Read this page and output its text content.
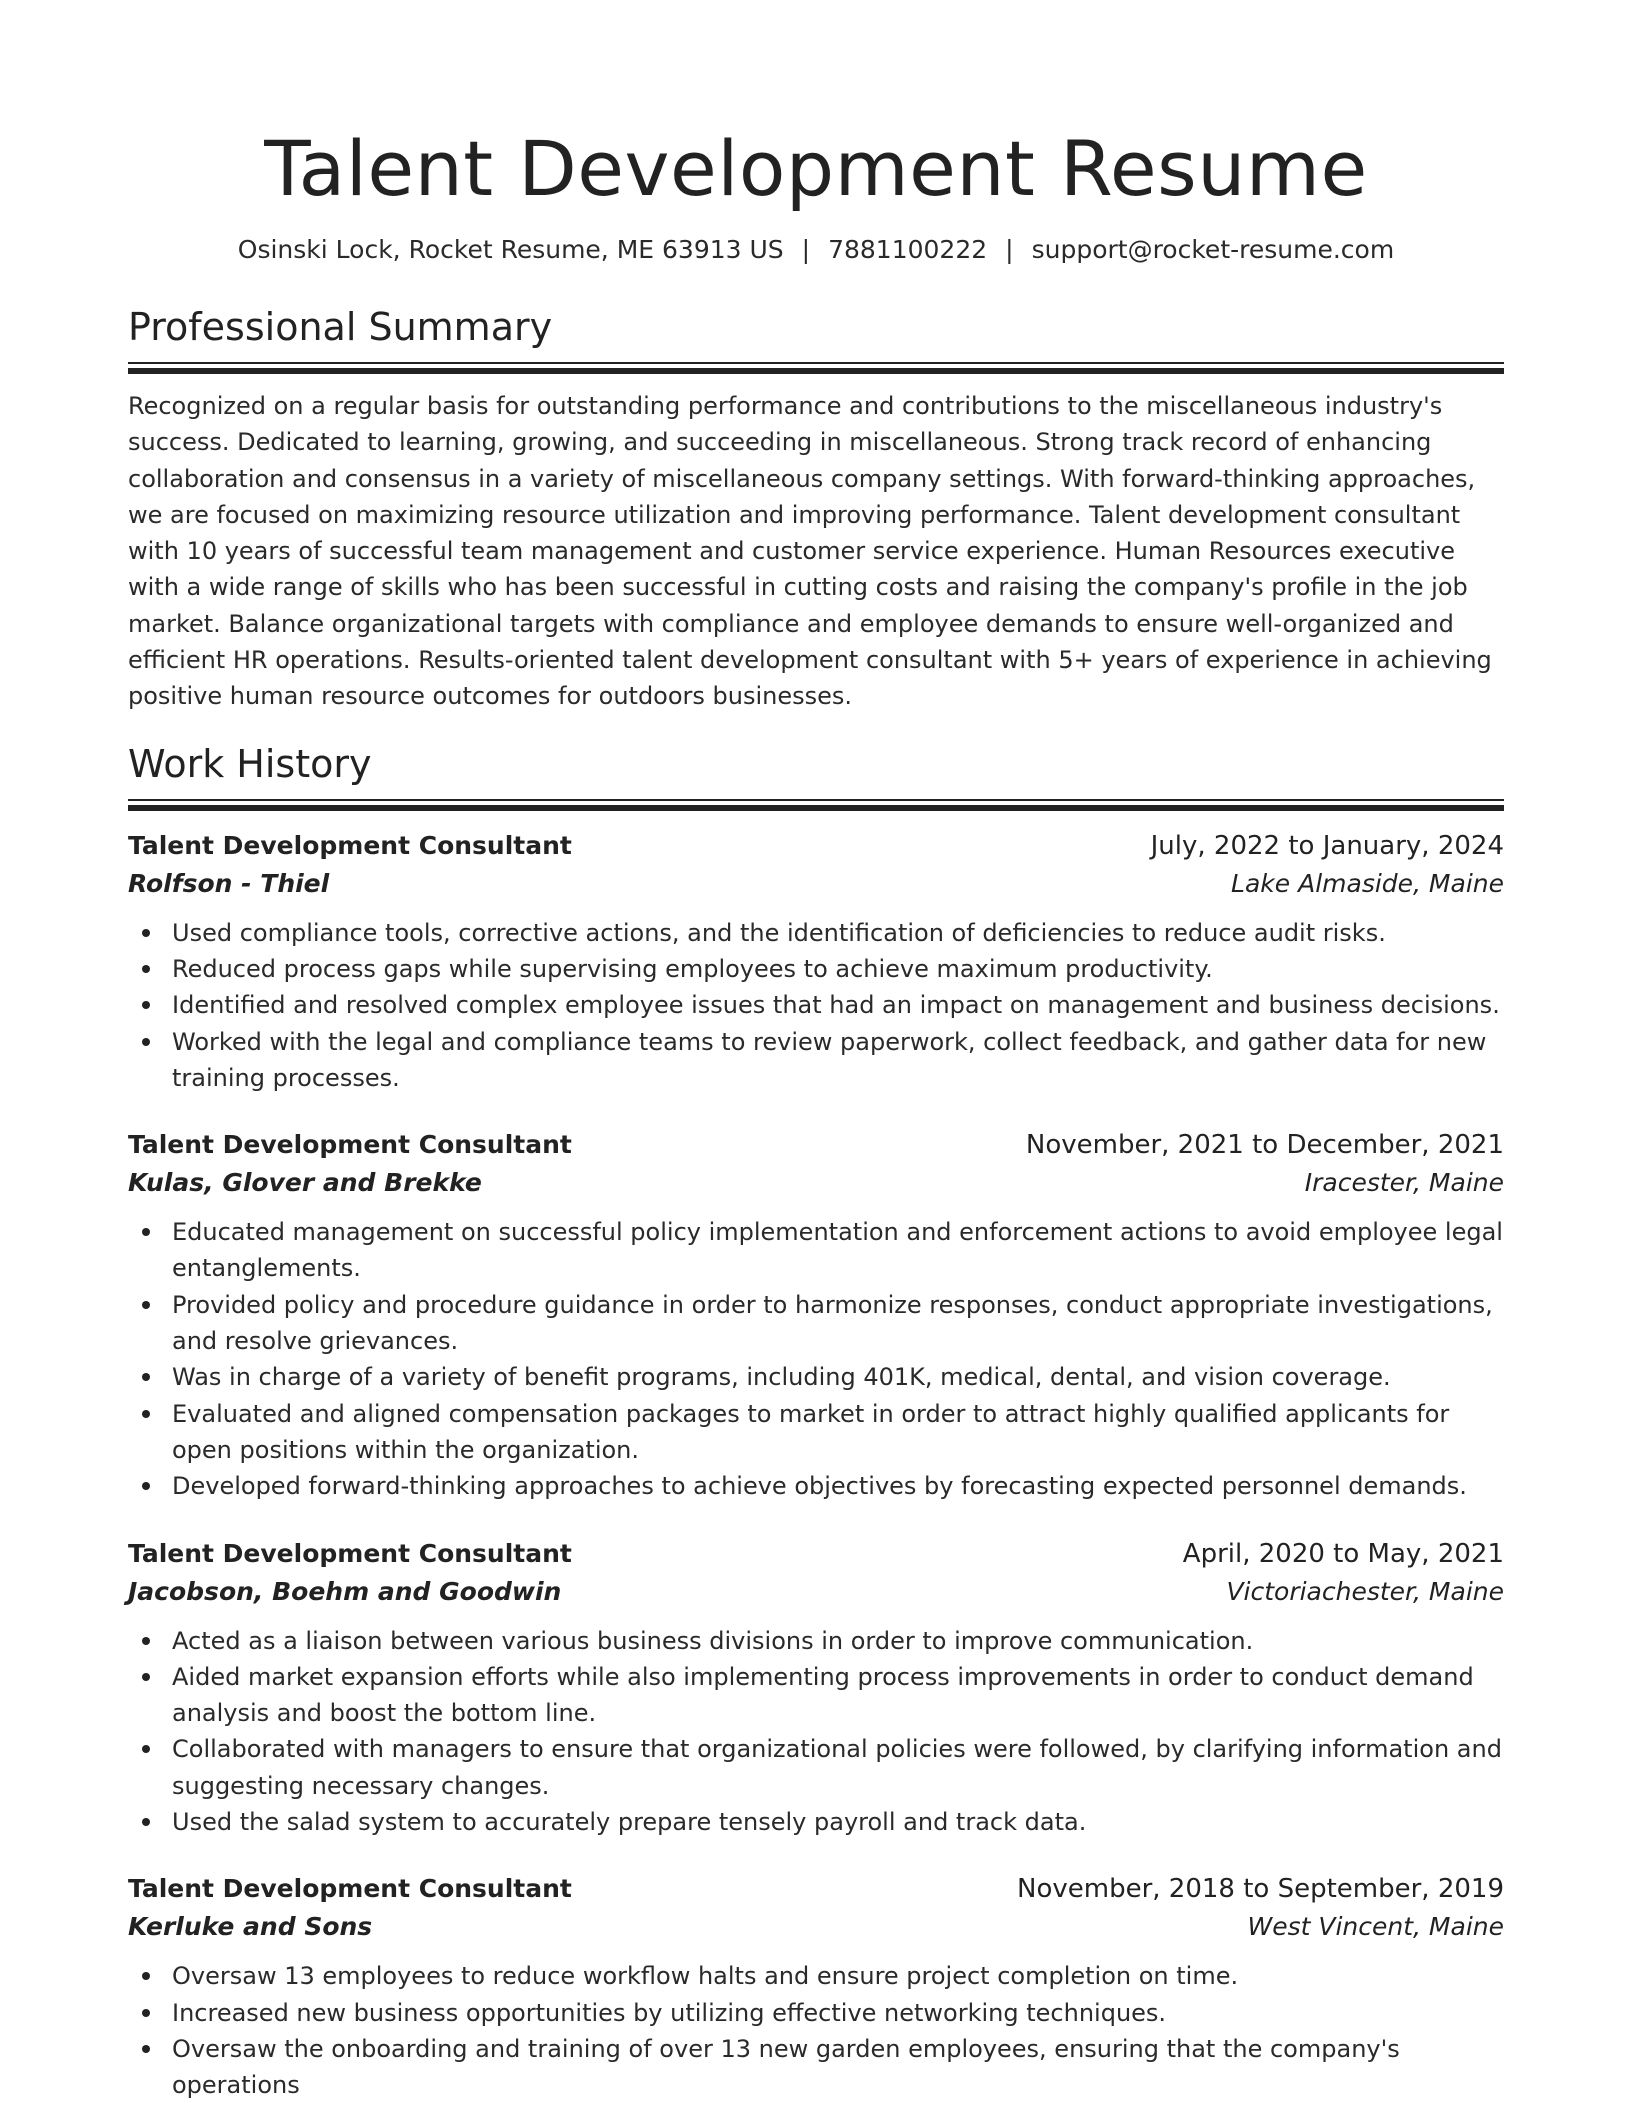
Talent Development Resume
Osinski Lock, Rocket Resume, ME 63913 US | 7881100222 | support@rocket-resume.com
Professional Summary

Recognized on a regular basis for outstanding performance and contributions to the miscellaneous industry's success. Dedicated to learning, growing, and succeeding in miscellaneous. Strong track record of enhancing collaboration and consensus in a variety of miscellaneous company settings. With forward-thinking approaches, we are focused on maximizing resource utilization and improving performance. Talent development consultant with 10 years of successful team management and customer service experience. Human Resources executive with a wide range of skills who has been successful in cutting costs and raising the company's profile in the job market. Balance organizational targets with compliance and employee demands to ensure well-organized and efficient HR operations. Results-oriented talent development consultant with 5+ years of experience in achieving positive human resource outcomes for outdoors businesses.

Work History
Talent Development Consultant	July, 2022 to January, 2024
Rolfson - Thiel	Lake Almaside, Maine
Used compliance tools, corrective actions, and the identification of deficiencies to reduce audit risks.
Reduced process gaps while supervising employees to achieve maximum productivity.
Identified and resolved complex employee issues that had an impact on management and business decisions.
Worked with the legal and compliance teams to review paperwork, collect feedback, and gather data for new training processes.
Talent Development Consultant	November, 2021 to December, 2021
Kulas, Glover and Brekke	Iracester, Maine
Educated management on successful policy implementation and enforcement actions to avoid employee legal entanglements.
Provided policy and procedure guidance in order to harmonize responses, conduct appropriate investigations, and resolve grievances.
Was in charge of a variety of benefit programs, including 401K, medical, dental, and vision coverage.
Evaluated and aligned compensation packages to market in order to attract highly qualified applicants for open positions within the organization.
Developed forward-thinking approaches to achieve objectives by forecasting expected personnel demands.
Talent Development Consultant	April, 2020 to May, 2021
Jacobson, Boehm and Goodwin	Victoriachester, Maine
Acted as a liaison between various business divisions in order to improve communication.
Aided market expansion efforts while also implementing process improvements in order to conduct demand analysis and boost the bottom line.
Collaborated with managers to ensure that organizational policies were followed, by clarifying information and suggesting necessary changes.
Used the salad system to accurately prepare tensely payroll and track data.
Talent Development Consultant	November, 2018 to September, 2019
Kerluke and Sons	West Vincent, Maine
Oversaw 13 employees to reduce workflow halts and ensure project completion on time.
Increased new business opportunities by utilizing effective networking techniques.
Oversaw the onboarding and training of over 13 new garden employees, ensuring that the company's operations
